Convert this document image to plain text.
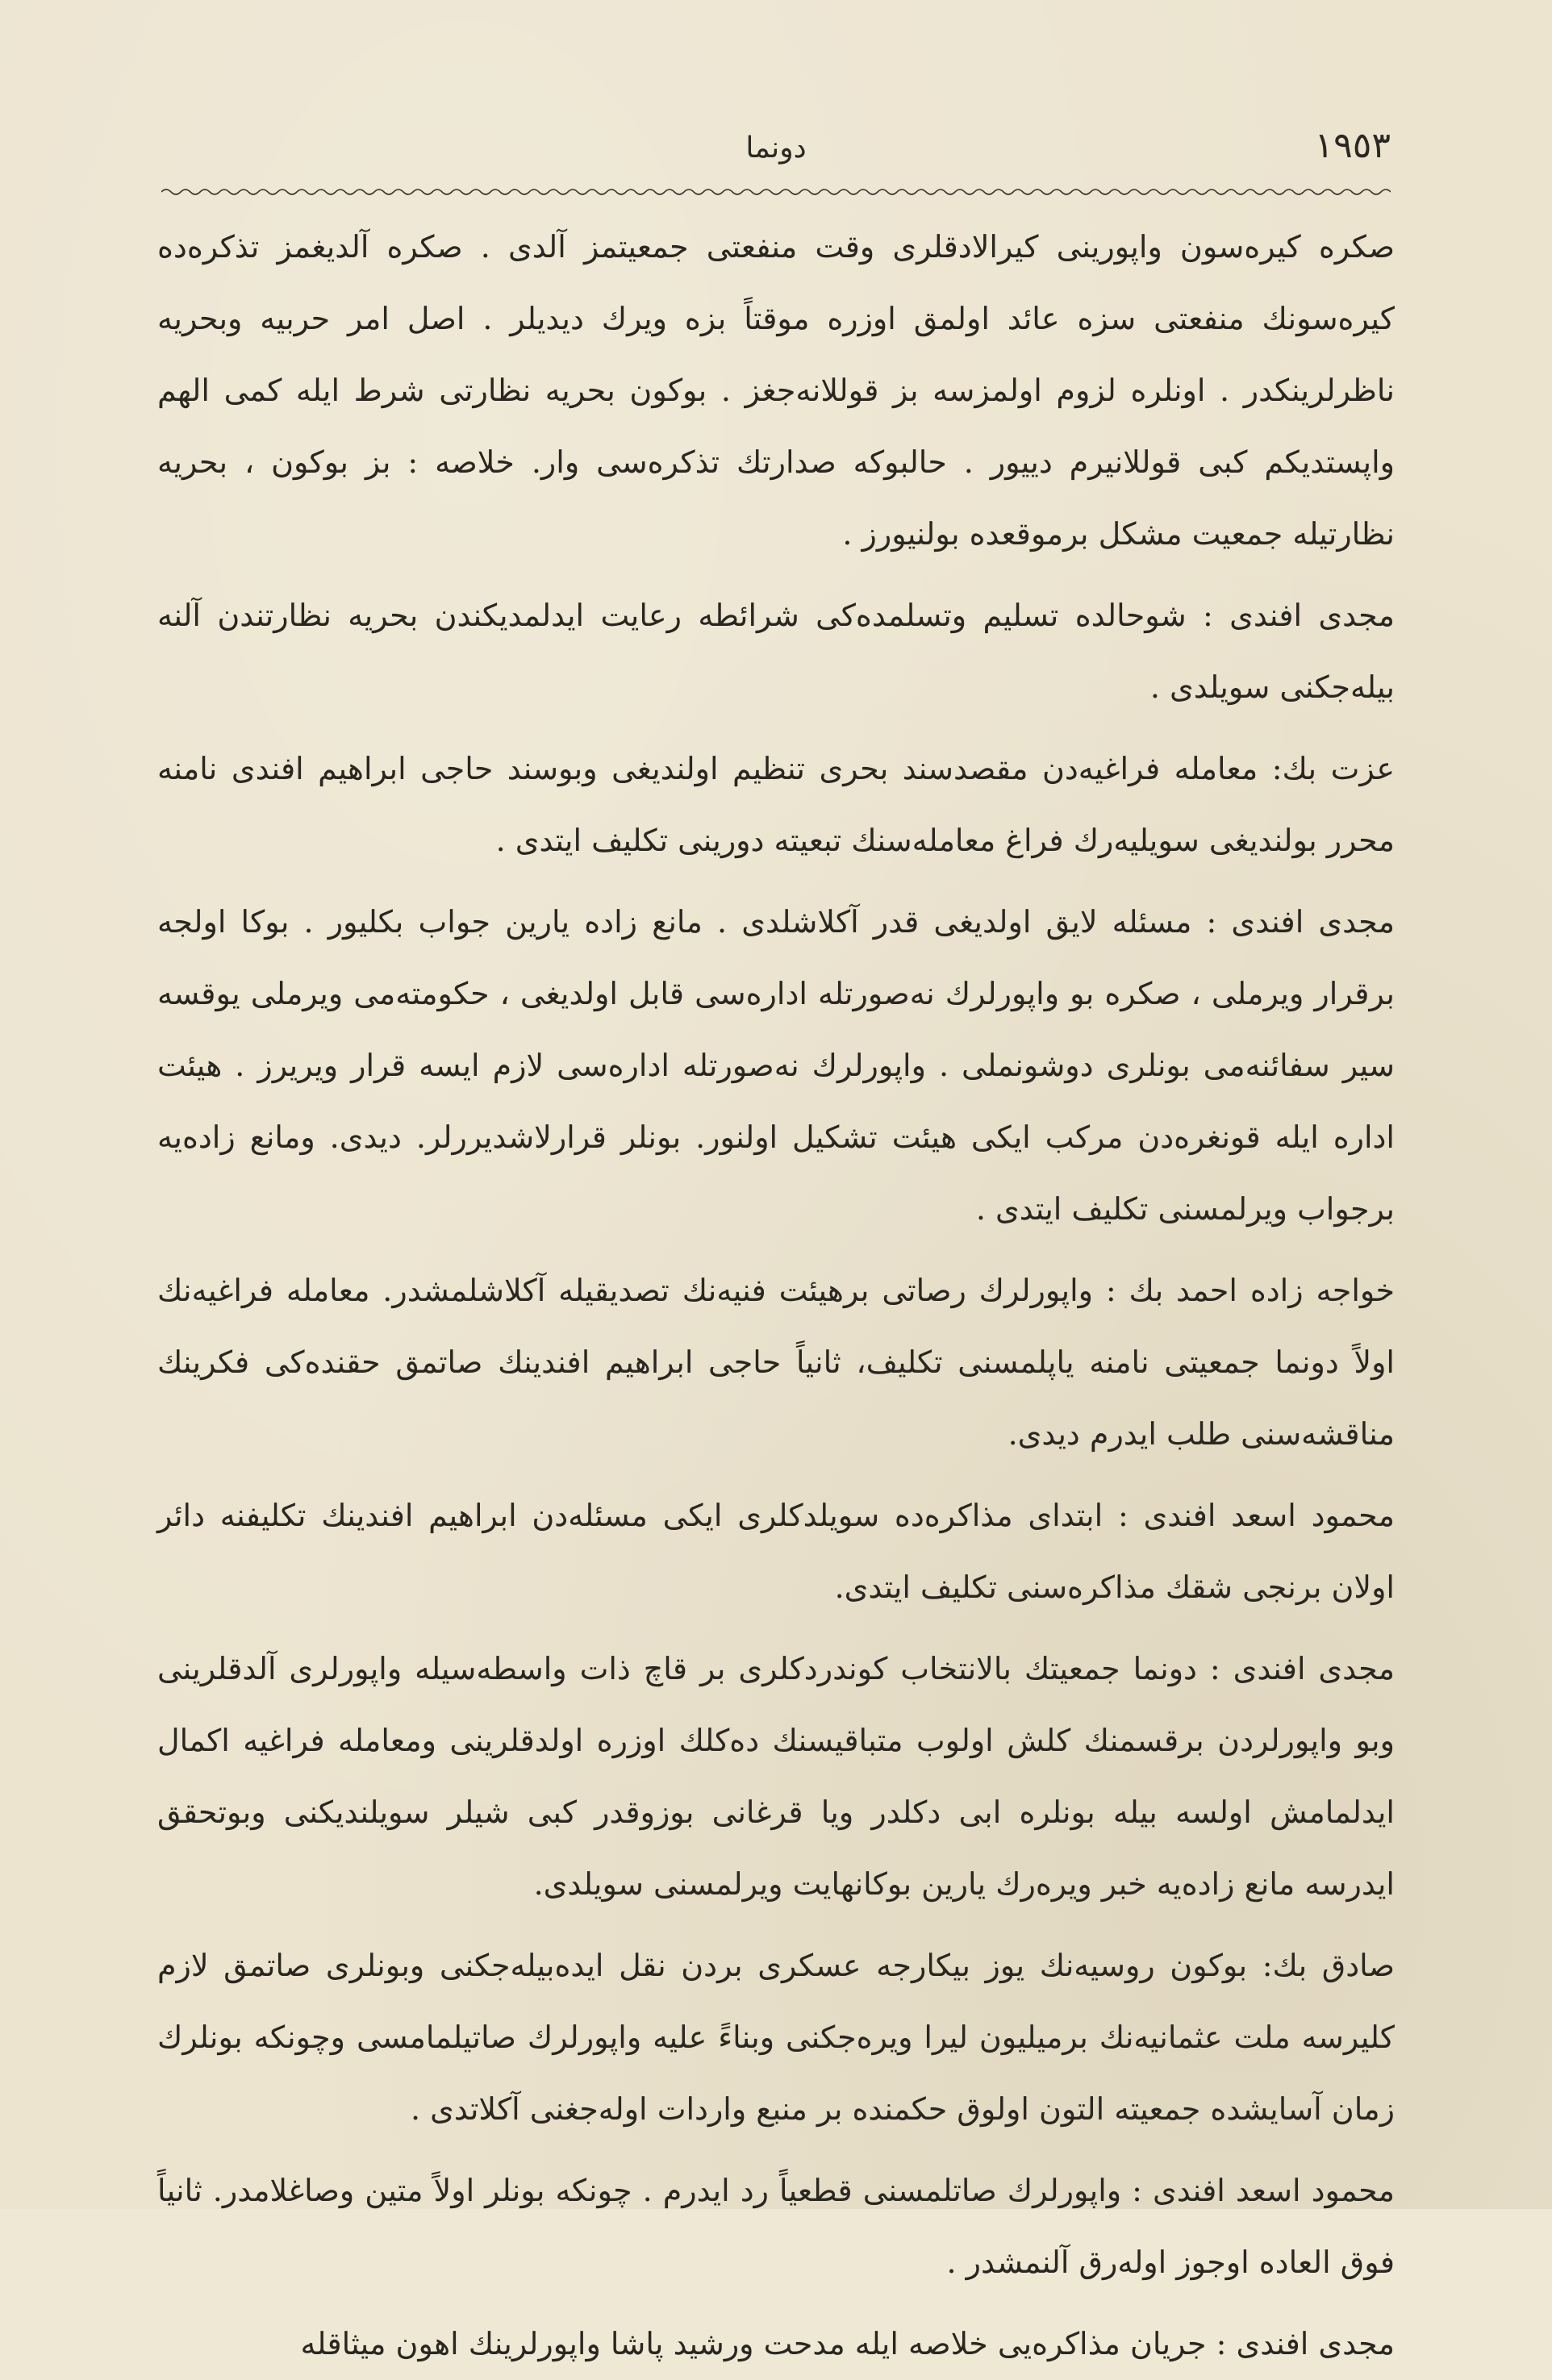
١٩٥٣
دونما

صکره کیرەسون واپورینی کیرالادقلری وقت منفعتی جمعیتمز آلدی . صکره آلدیغمز تذکرەدە کیرەسونك منفعتی سزه عائد اولمق اوزره موقتاً بزه ویرك دیدیلر . اصل امر حربیه وبحریه ناظرلرینکدر . اونلره لزوم اولمزسه بز قوللانەجغز . بوکون بحریه نظارتی شرط ایله کمی الهم واپستدیکم کبی قوللانیرم دییور . حالبوکه صدارتك تذکرەسی وار. خلاصه : بز بوکون ، بحریه نظارتیله جمعیت مشکل برموقعده بولنیورز .

مجدی افندی : شوحالده تسلیم وتسلمدەکی شرائطه رعایت ایدلمدیکندن بحریه نظارتندن آلنه بیلەجکنی سویلدی .

عزت بك: معامله فراغیەدن مقصدسند بحری تنظیم اولندیغی وبوسند حاجی ابراهیم افندی نامنه محرر بولندیغی سویلیەرك فراغ معاملەسنك تبعیته دورینی تکلیف ایتدی .

مجدی افندی : مسئله لایق اولدیغی قدر آکلاشلدی . مانع زاده یارین جواب بکلیور . بوکا اولجه برقرار ویرملی ، صکره بو واپورلرك نەصورتله ادارەسی قابل اولدیغی ، حکومتەمی ویرملی یوقسه سیر سفائنەمی بونلری دوشونملی . واپورلرك نەصورتله ادارەسی لازم ایسه قرار ویریرز . هیئت اداره ایله قونغرەدن مرکب ایکی هیئت تشکیل اولنور. بونلر قرارلاشدیررلر. دیدی. ومانع زادەیه برجواب ویرلمسنی تکلیف ایتدی .

خواجه زاده احمد بك : واپورلرك رصاتی برهیئت فنیەنك تصدیقیله آکلاشلمشدر. معامله فراغیەنك اولاً دونما جمعیتی نامنه یاپلمسنی تکلیف، ثانیاً حاجی ابراهیم افندینك صاتمق حقندەکی فکرینك مناقشەسنی طلب ایدرم دیدی.

محمود اسعد افندی : ابتدای مذاکرەده سویلدکلری ایکی مسئلەدن ابراهیم افندینك تکلیفنه دائر اولان برنجی شقك مذاکرەسنی تکلیف ایتدی.

مجدی افندی : دونما جمعیتك بالانتخاب کوندردکلری بر قاچ ذات واسطەسیله واپورلری آلدقلرینی وبو واپورلردن برقسمنك کلش اولوب متباقیسنك دەکلك اوزره اولدقلرینی ومعامله فراغیه اکمال ایدلمامش اولسه بیله بونلره ابی دکلدر ویا قرغانی بوزوقدر کبی شیلر سویلندیکنی وبوتحقق ایدرسه مانع زادەیه خبر ویرەرك یارین بوکانهایت ویرلمسنی سویلدی.

صادق بك: بوکون روسیەنك یوز بیکارجه عسکری بردن نقل ایدەبیلەجکنی وبونلری صاتمق لازم کلیرسه ملت عثمانیەنك برمیلیون لیرا ویرەجکنی وبناءً علیه واپورلرك صاتیلمامسی وچونکه بونلرك زمان آسایشده جمعیته التون اولوق حکمنده بر منبع واردات اولەجغنی آکلاتدی .

محمود اسعد افندی : واپورلرك صاتلمسنی قطعیاً رد ایدرم . چونکه بونلر اولاً متین وصاغلامدر. ثانیاً فوق العاده اوجوز اولەرق آلنمشدر .

مجدی افندی : جریان مذاکرەیی خلاصه ایله مدحت ورشید پاشا واپورلرینك اهون میثاقله
